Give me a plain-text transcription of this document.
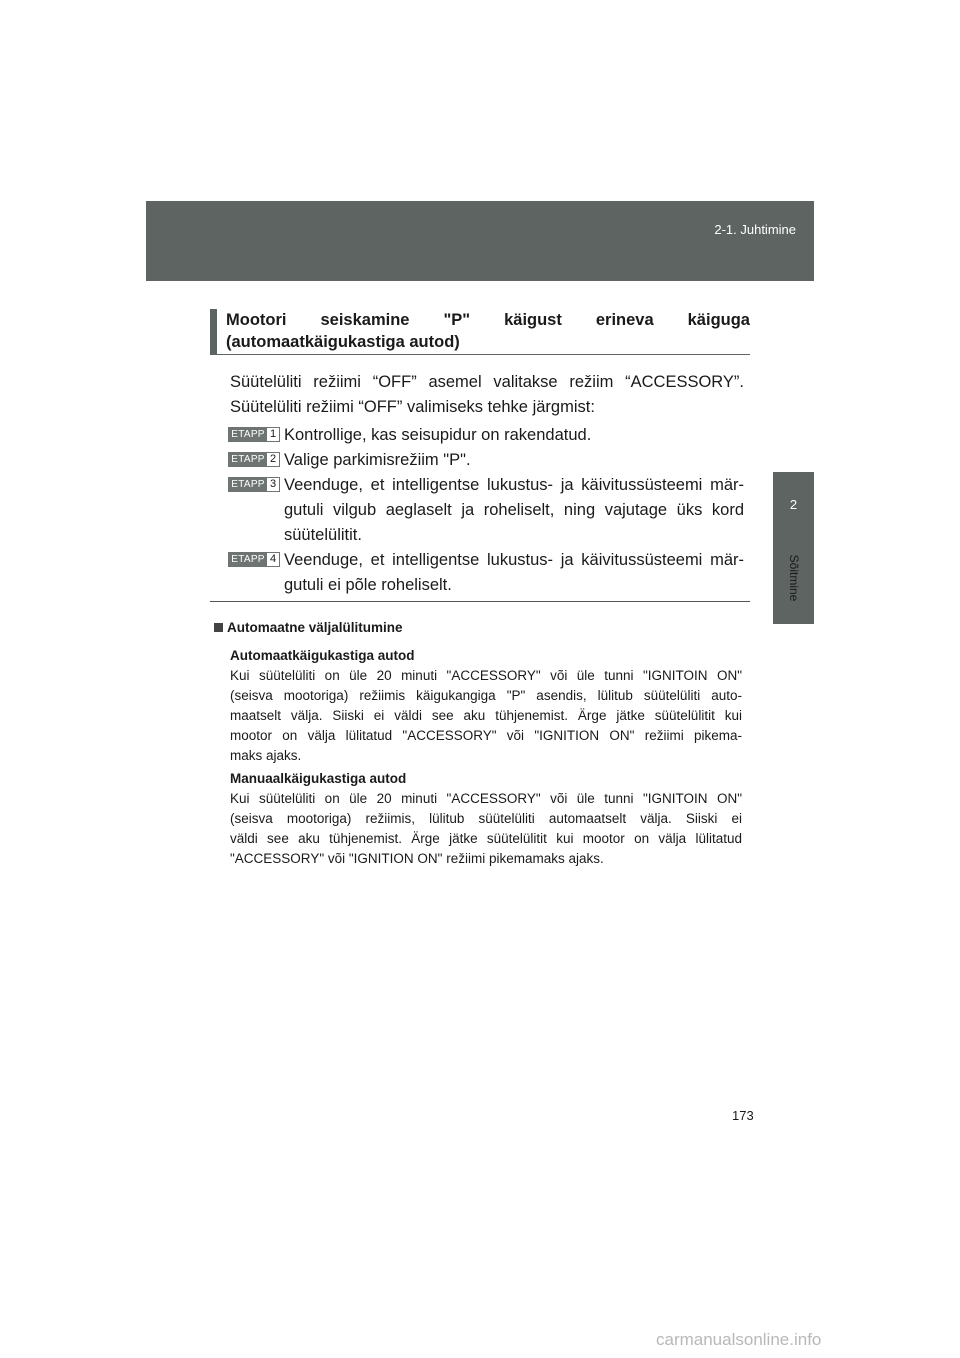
2-1. Juhtimine
2
Sõitmine
Mootori seiskamine "P" käigust erineva käiguga
(automaatkäigukastiga autod)
Süütelüliti režiimi “OFF” asemel valitakse režiim “ACCESSORY”.
Süütelüliti režiimi “OFF” valimiseks tehke järgmist:
ETAPP 1 Kontrollige, kas seisupidur on rakendatud.
ETAPP 2 Valige parkimisrežiim "P".
ETAPP 3 Veenduge, et intelligentse lukustus- ja käivitussüsteemi mär-
gutuli vilgub aeglaselt ja roheliselt, ning vajutage üks kord
süütelülitit.
ETAPP 4 Veenduge, et intelligentse lukustus- ja käivitussüsteemi mär-
gutuli ei põle roheliselt.
Automaatne väljalülitumine
Automaatkäigukastiga autod
Kui süütelüliti on üle 20 minuti "ACCESSORY" või üle tunni "IGNITOIN ON"
(seisva mootoriga) režiimis käigukangiga "P" asendis, lülitub süütelüliti auto-
maatselt välja. Siiski ei väldi see aku tühjenemist. Ärge jätke süütelülitit kui
mootor on välja lülitatud "ACCESSORY" või "IGNITION ON" režiimi pikema-
maks ajaks.
Manuaalkäigukastiga autod
Kui süütelüliti on üle 20 minuti "ACCESSORY" või üle tunni "IGNITOIN ON"
(seisva mootoriga) režiimis, lülitub süütelüliti automaatselt välja. Siiski ei
väldi see aku tühjenemist. Ärge jätke süütelülitit kui mootor on välja lülitatud
"ACCESSORY" või "IGNITION ON" režiimi pikemamaks ajaks.
173
carmanualsonline.info
